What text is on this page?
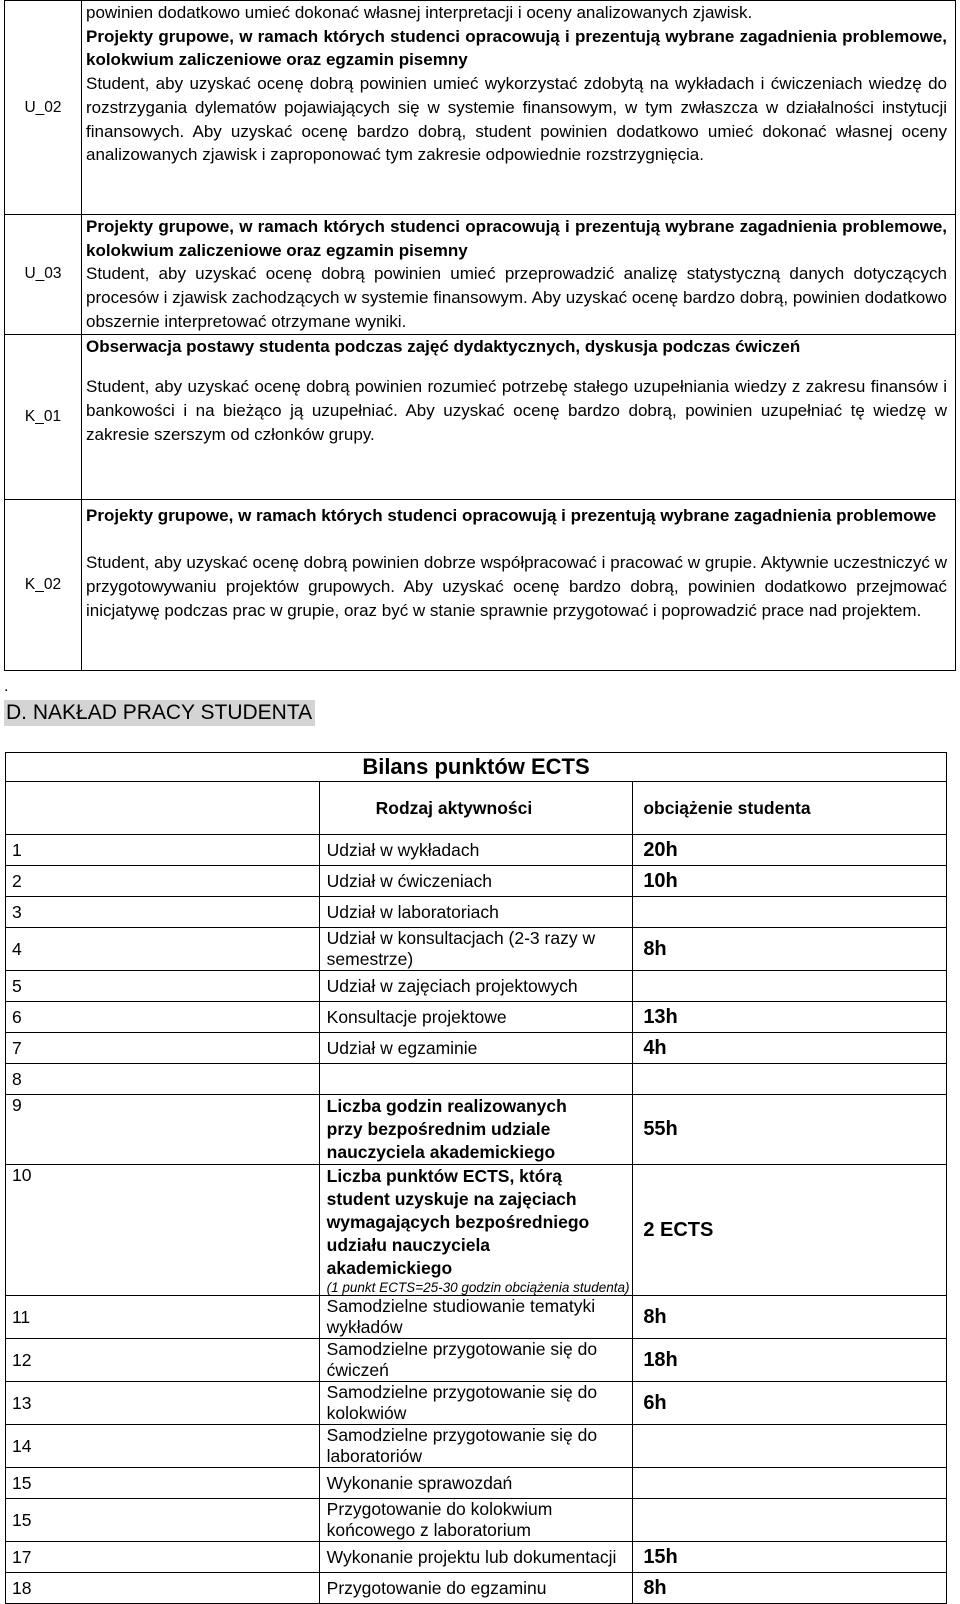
U_02	powinien dodatkowo umieć dokonać własnej interpretacji i oceny analizowanych zjawisk.

Projekty grupowe, w ramach których studenci opracowują i prezentują wybrane zagadnienia problemowe, kolokwium zaliczeniowe oraz egzamin pisemny

Student, aby uzyskać ocenę dobrą powinien umieć wykorzystać zdobytą na wykładach i ćwiczeniach wiedzę do rozstrzygania dylematów pojawiających się w systemie finansowym, w tym zwłaszcza w działalności instytucji finansowych. Aby uzyskać ocenę bardzo dobrą, student powinien dodatkowo umieć dokonać własnej oceny analizowanych zjawisk i zaproponować tym zakresie odpowiednie rozstrzygnięcia.

U_03	Projekty grupowe, w ramach których studenci opracowują i prezentują wybrane zagadnienia problemowe, kolokwium zaliczeniowe oraz egzamin pisemny

Student, aby uzyskać ocenę dobrą powinien umieć przeprowadzić analizę statystyczną danych dotyczących procesów i zjawisk zachodzących w systemie finansowym. Aby uzyskać ocenę bardzo dobrą, powinien dodatkowo obszernie interpretować otrzymane wyniki.

K_01	Obserwacja postawy studenta podczas zajęć dydaktycznych, dyskusja podczas ćwiczeń

Student, aby uzyskać ocenę dobrą powinien rozumieć potrzebę stałego uzupełniania wiedzy z zakresu finansów i bankowości i na bieżąco ją uzupełniać. Aby uzyskać ocenę bardzo dobrą, powinien uzupełniać tę wiedzę w zakresie szerszym od członków grupy.

K_02	Projekty grupowe, w ramach których studenci opracowują i prezentują wybrane zagadnienia problemowe

Student, aby uzyskać ocenę dobrą powinien dobrze współpracować i pracować w grupie. Aktywnie uczestniczyć w przygotowywaniu projektów grupowych. Aby uzyskać ocenę bardzo dobrą, powinien dodatkowo przejmować inicjatywę podczas prac w grupie, oraz być w stanie sprawnie przygotować i poprowadzić prace nad projektem.

.
D. NAKŁAD PRACY STUDENTA
Bilans punktów ECTS		
	Rodzaj aktywności	obciążenie studenta
1	Udział w wykładach	20h
2	Udział w ćwiczeniach	10h
3	Udział w laboratoriach	

4	Udział w konsultacjach (2-3 razy w semestrze)	8h
5	Udział w zajęciach projektowych	

6	Konsultacje projektowe	13h
7	Udział w egzaminie	4h
8	

9	Liczba godzin realizowanych przy bezpośrednim udziale nauczyciela akademickiego	55h
10	Liczba punktów ECTS, którą student uzyskuje na zajęciach wymagających bezpośredniego udziału nauczyciela akademickiego
(1 punkt ECTS=25-30 godzin obciążenia studenta)	2 ECTS
11	Samodzielne studiowanie tematyki wykładów	8h
12	Samodzielne przygotowanie się do ćwiczeń	18h
13	Samodzielne przygotowanie się do kolokwiów	6h
14	Samodzielne przygotowanie się do laboratoriów	

15	Wykonanie sprawozdań	

15	Przygotowanie do kolokwium końcowego z laboratorium	

17	Wykonanie projektu lub dokumentacji	15h
18	Przygotowanie do egzaminu	8h
